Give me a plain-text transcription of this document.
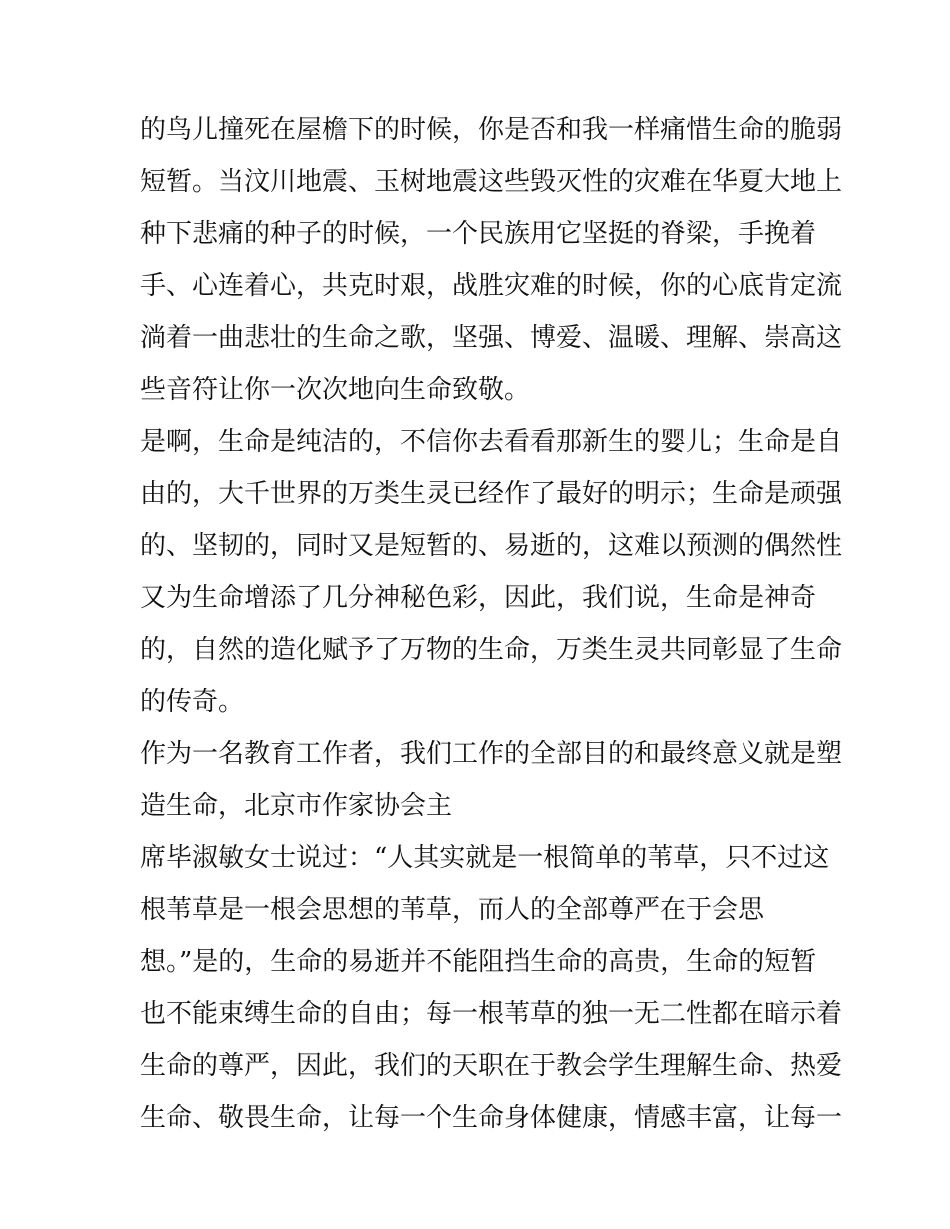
的鸟儿撞死在屋檐下的时候，你是否和我一样痛惜生命的脆弱
短暂。当汶川地震、玉树地震这些毁灭性的灾难在华夏大地上
种下悲痛的种子的时候，一个民族用它坚挺的脊梁，手挽着
手、心连着心，共克时艰，战胜灾难的时候，你的心底肯定流
淌着一曲悲壮的生命之歌，坚强、博爱、温暖、理解、崇高这
些音符让你一次次地向生命致敬。
是啊，生命是纯洁的，不信你去看看那新生的婴儿；生命是自
由的，大千世界的万类生灵已经作了最好的明示；生命是顽强
的、坚韧的，同时又是短暂的、易逝的，这难以预测的偶然性
又为生命增添了几分神秘色彩，因此，我们说，生命是神奇
的，自然的造化赋予了万物的生命，万类生灵共同彰显了生命
的传奇。
作为一名教育工作者，我们工作的全部目的和最终意义就是塑
造生命，北京市作家协会主
席毕淑敏女士说过：“人其实就是一根简单的苇草，只不过这
根苇草是一根会思想的苇草，而人的全部尊严在于会思
想。”是的，生命的易逝并不能阻挡生命的高贵，生命的短暂
也不能束缚生命的自由；每一根苇草的独一无二性都在暗示着
生命的尊严，因此，我们的天职在于教会学生理解生命、热爱
生命、敬畏生命，让每一个生命身体健康，情感丰富，让每一
